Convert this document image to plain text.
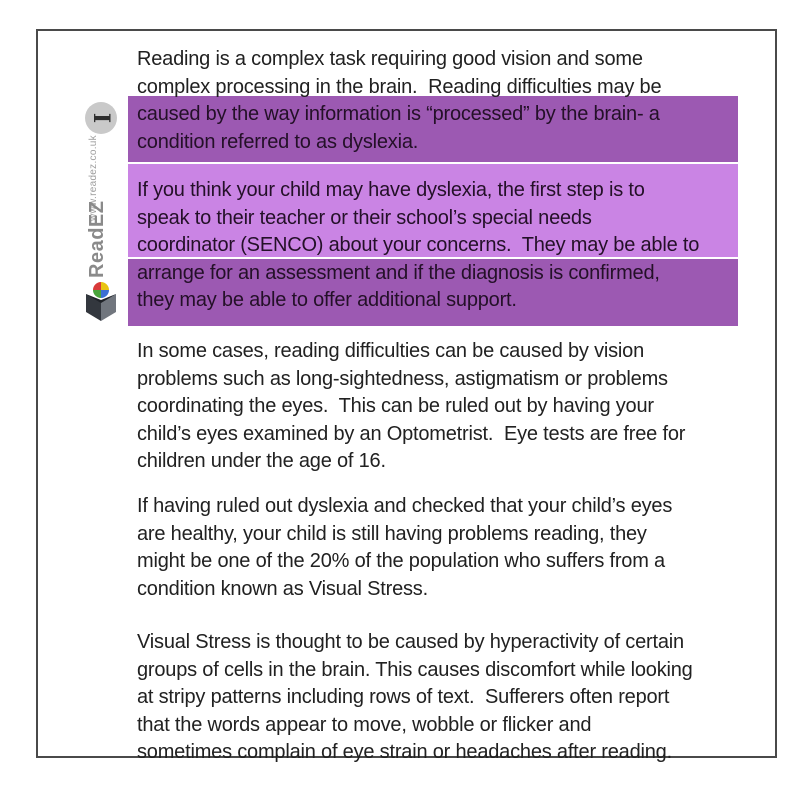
I
www.readez.co.uk
ReadEZ
Reading is a complex task requiring good vision and some
complex processing in the brain.  Reading difficulties may be
caused by the way information is “processed” by the brain- a
condition referred to as dyslexia.
If you think your child may have dyslexia, the first step is to
speak to their teacher or their school’s special needs
coordinator (SENCO) about your concerns.  They may be able to
arrange for an assessment and if the diagnosis is confirmed,
they may be able to offer additional support.
In some cases, reading difficulties can be caused by vision
problems such as long-sightedness, astigmatism or problems
coordinating the eyes.  This can be ruled out by having your
child’s eyes examined by an Optometrist.  Eye tests are free for
children under the age of 16.
If having ruled out dyslexia and checked that your child’s eyes
are healthy, your child is still having problems reading, they
might be one of the 20% of the population who suffers from a
condition known as Visual Stress.
Visual Stress is thought to be caused by hyperactivity of certain
groups of cells in the brain. This causes discomfort while looking
at stripy patterns including rows of text.  Sufferers often report
that the words appear to move, wobble or flicker and
sometimes complain of eye strain or headaches after reading.
